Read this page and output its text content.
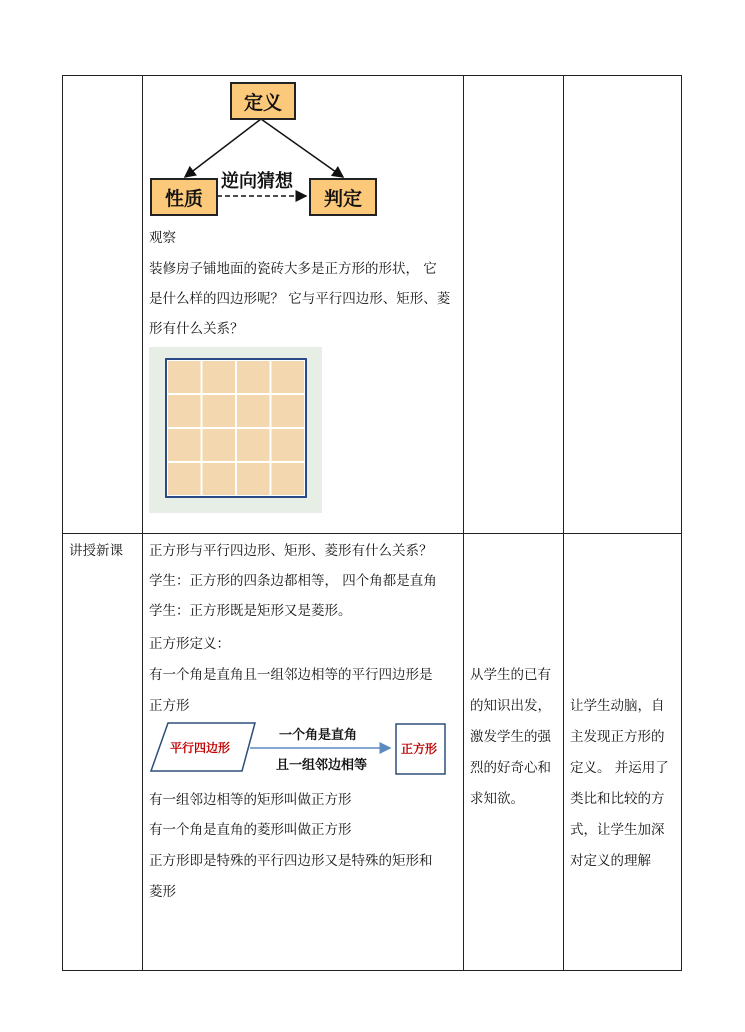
定义
性质	判定
逆向猜想
观察
装修房子铺地面的瓷砖大多是正方形的形状， 它
是什么样的四边形呢？ 它与平行四边形、矩形、菱
形有什么关系？
讲授新课 正方形与平行四边形、矩形、菱形有什么关系？
学生：正方形的四条边都相等， 四个角都是直角
学生：正方形既是矩形又是菱形。
正方形定义：
有一个角是直角且一组邻边相等的平行四边形是
正方形
平行四边形
一个角是直角
且一组邻边相等
正方形
有一组邻边相等的矩形叫做正方形
有一个角是直角的菱形叫做正方形
正方形即是特殊的平行四边形又是特殊的矩形和
菱形
从学生的已有
的知识出发，
激发学生的强
烈的好奇心和
求知欲。
让学生动脑，自
主发现正方形的
定义。 并运用了
类比和比较的方
式，让学生加深
对定义的理解
